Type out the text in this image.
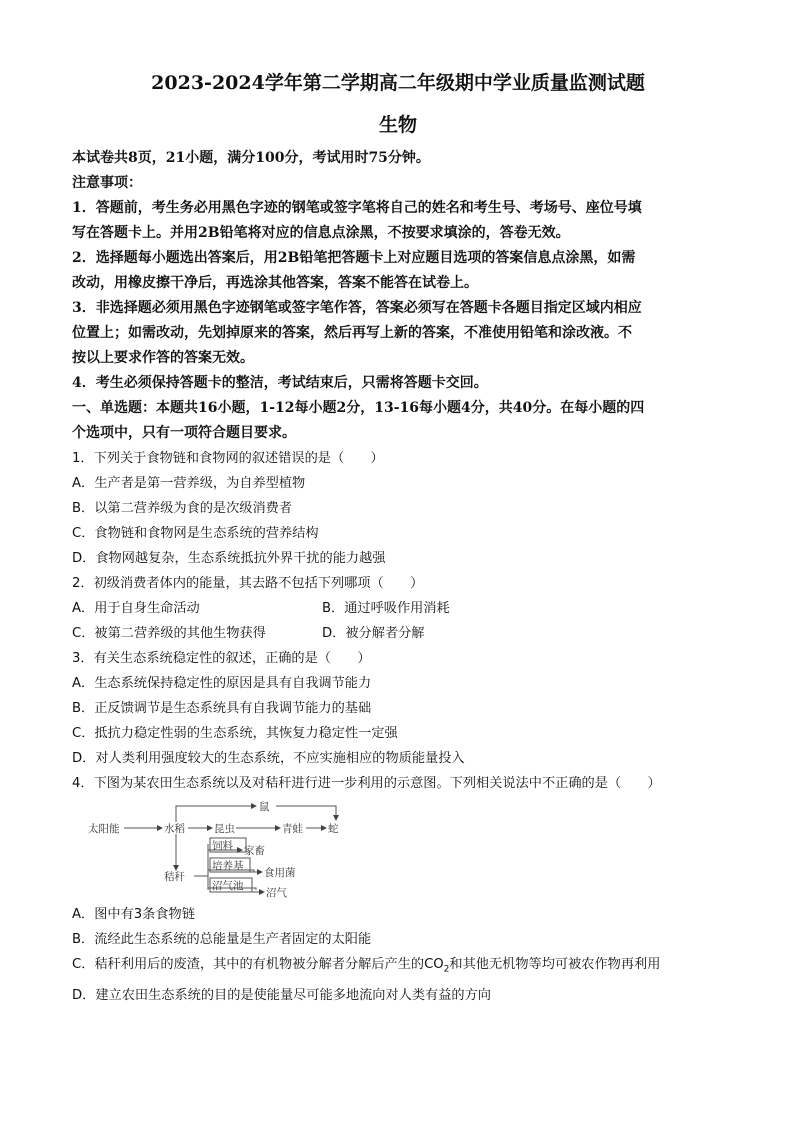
2023-2024学年第二学期高二年级期中学业质量监测试题
生物

本试卷共8页，21小题，满分100分，考试用时75分钟。

注意事项：

1．答题前，考生务必用黑色字迹的钢笔或签字笔将自己的姓名和考生号、考场号、座位号填

写在答题卡上。并用2B铅笔将对应的信息点涂黑，不按要求填涂的，答卷无效。

2．选择题每小题选出答案后，用2B铅笔把答题卡上对应题目选项的答案信息点涂黑，如需

改动，用橡皮擦干净后，再选涂其他答案，答案不能答在试卷上。

3．非选择题必须用黑色字迹钢笔或签字笔作答，答案必须写在答题卡各题目指定区域内相应

位置上；如需改动，先划掉原来的答案，然后再写上新的答案，不准使用铅笔和涂改液。不

按以上要求作答的答案无效。

4．考生必须保持答题卡的整洁，考试结束后，只需将答题卡交回。

一、单选题：本题共16小题，1-12每小题2分，13-16每小题4分，共40分。在每小题的四

个选项中，只有一项符合题目要求。

1．下列关于食物链和食物网的叙述错误的是（　　）

A．生产者是第一营养级，为自养型植物

B．以第二营养级为食的是次级消费者

C．食物链和食物网是生态系统的营养结构

D．食物网越复杂，生态系统抵抗外界干扰的能力越强

2．初级消费者体内的能量，其去路不包括下列哪项（　　）

A．用于自身生命活动	B．通过呼吸作用消耗
C．被第二营养级的其他生物获得	D．被分解者分解

3．有关生态系统稳定性的叙述，正确的是（　　）

A．生态系统保持稳定性的原因是具有自我调节能力

B．正反馈调节是生态系统具有自我调节能力的基础

C．抵抗力稳定性弱的生态系统，其恢复力稳定性一定强

D．对人类利用强度较大的生态系统，不应实施相应的物质能量投入

4．下图为某农田生态系统以及对秸秆进行进一步利用的示意图。下列相关说法中不正确的是（　　）

太阳能	水稻	昆虫	青蛙 蛇
鼠
秸秆
饲料 家畜
培养基
食用菌
沼气池
沼气

A．图中有3条食物链

B．流经此生态系统的总能量是生产者固定的太阳能

C．秸秆利用后的废渣，其中的有机物被分解者分解后产生的$CO_2$和其他无机物等均可被农作物再利用

D．建立农田生态系统的目的是使能量尽可能多地流向对人类有益的方向
